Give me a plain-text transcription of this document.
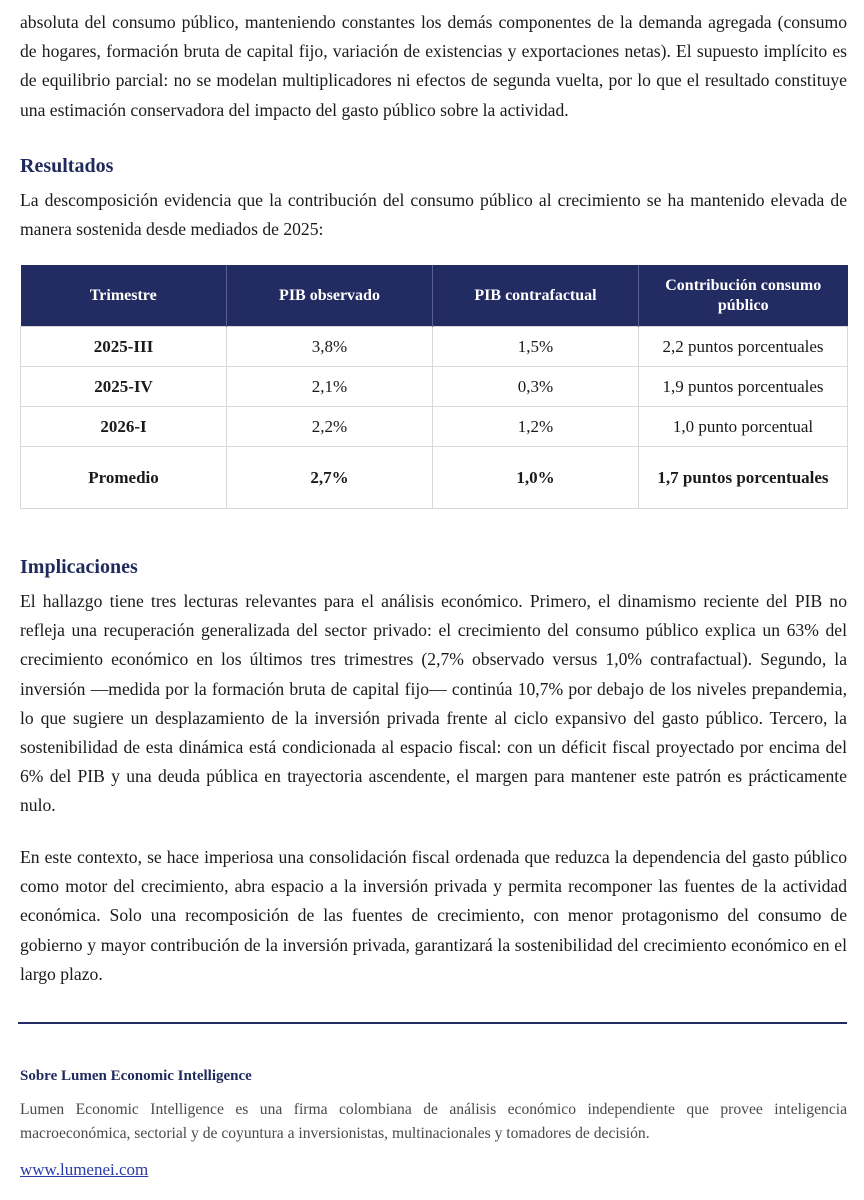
absoluta del consumo público, manteniendo constantes los demás componentes de la demanda agregada (consumo de hogares, formación bruta de capital fijo, variación de existencias y exportaciones netas). El supuesto implícito es de equilibrio parcial: no se modelan multiplicadores ni efectos de segunda vuelta, por lo que el resultado constituye una estimación conservadora del impacto del gasto público sobre la actividad.

Resultados

La descomposición evidencia que la contribución del consumo público al crecimiento se ha mantenido elevada de manera sostenida desde mediados de 2025:

Trimestre	PIB observado	PIB contrafactual	Contribución consumo público
2025-III	3,8%	1,5%	2,2 puntos porcentuales
2025-IV	2,1%	0,3%	1,9 puntos porcentuales
2026-I	2,2%	1,2%	1,0 punto porcentual
Promedio	2,7%	1,0%	1,7 puntos porcentuales
Implicaciones

El hallazgo tiene tres lecturas relevantes para el análisis económico. Primero, el dinamismo reciente del PIB no refleja una recuperación generalizada del sector privado: el crecimiento del consumo público explica un 63% del crecimiento económico en los últimos tres trimestres (2,7% observado versus 1,0% contrafactual). Segundo, la inversión —medida por la formación bruta de capital fijo— continúa 10,7% por debajo de los niveles prepandemia, lo que sugiere un desplazamiento de la inversión privada frente al ciclo expansivo del gasto público. Tercero, la sostenibilidad de esta dinámica está condicionada al espacio fiscal: con un déficit fiscal proyectado por encima del 6% del PIB y una deuda pública en trayectoria ascendente, el margen para mantener este patrón es prácticamente nulo.

En este contexto, se hace imperiosa una consolidación fiscal ordenada que reduzca la dependencia del gasto público como motor del crecimiento, abra espacio a la inversión privada y permita recomponer las fuentes de la actividad económica. Solo una recomposición de las fuentes de crecimiento, con menor protagonismo del consumo de gobierno y mayor contribución de la inversión privada, garantizará la sostenibilidad del crecimiento económico en el largo plazo.

Sobre Lumen Economic Intelligence

Lumen Economic Intelligence es una firma colombiana de análisis económico independiente que provee inteligencia macroeconómica, sectorial y de coyuntura a inversionistas, multinacionales y tomadores de decisión.

www.lumenei.com
